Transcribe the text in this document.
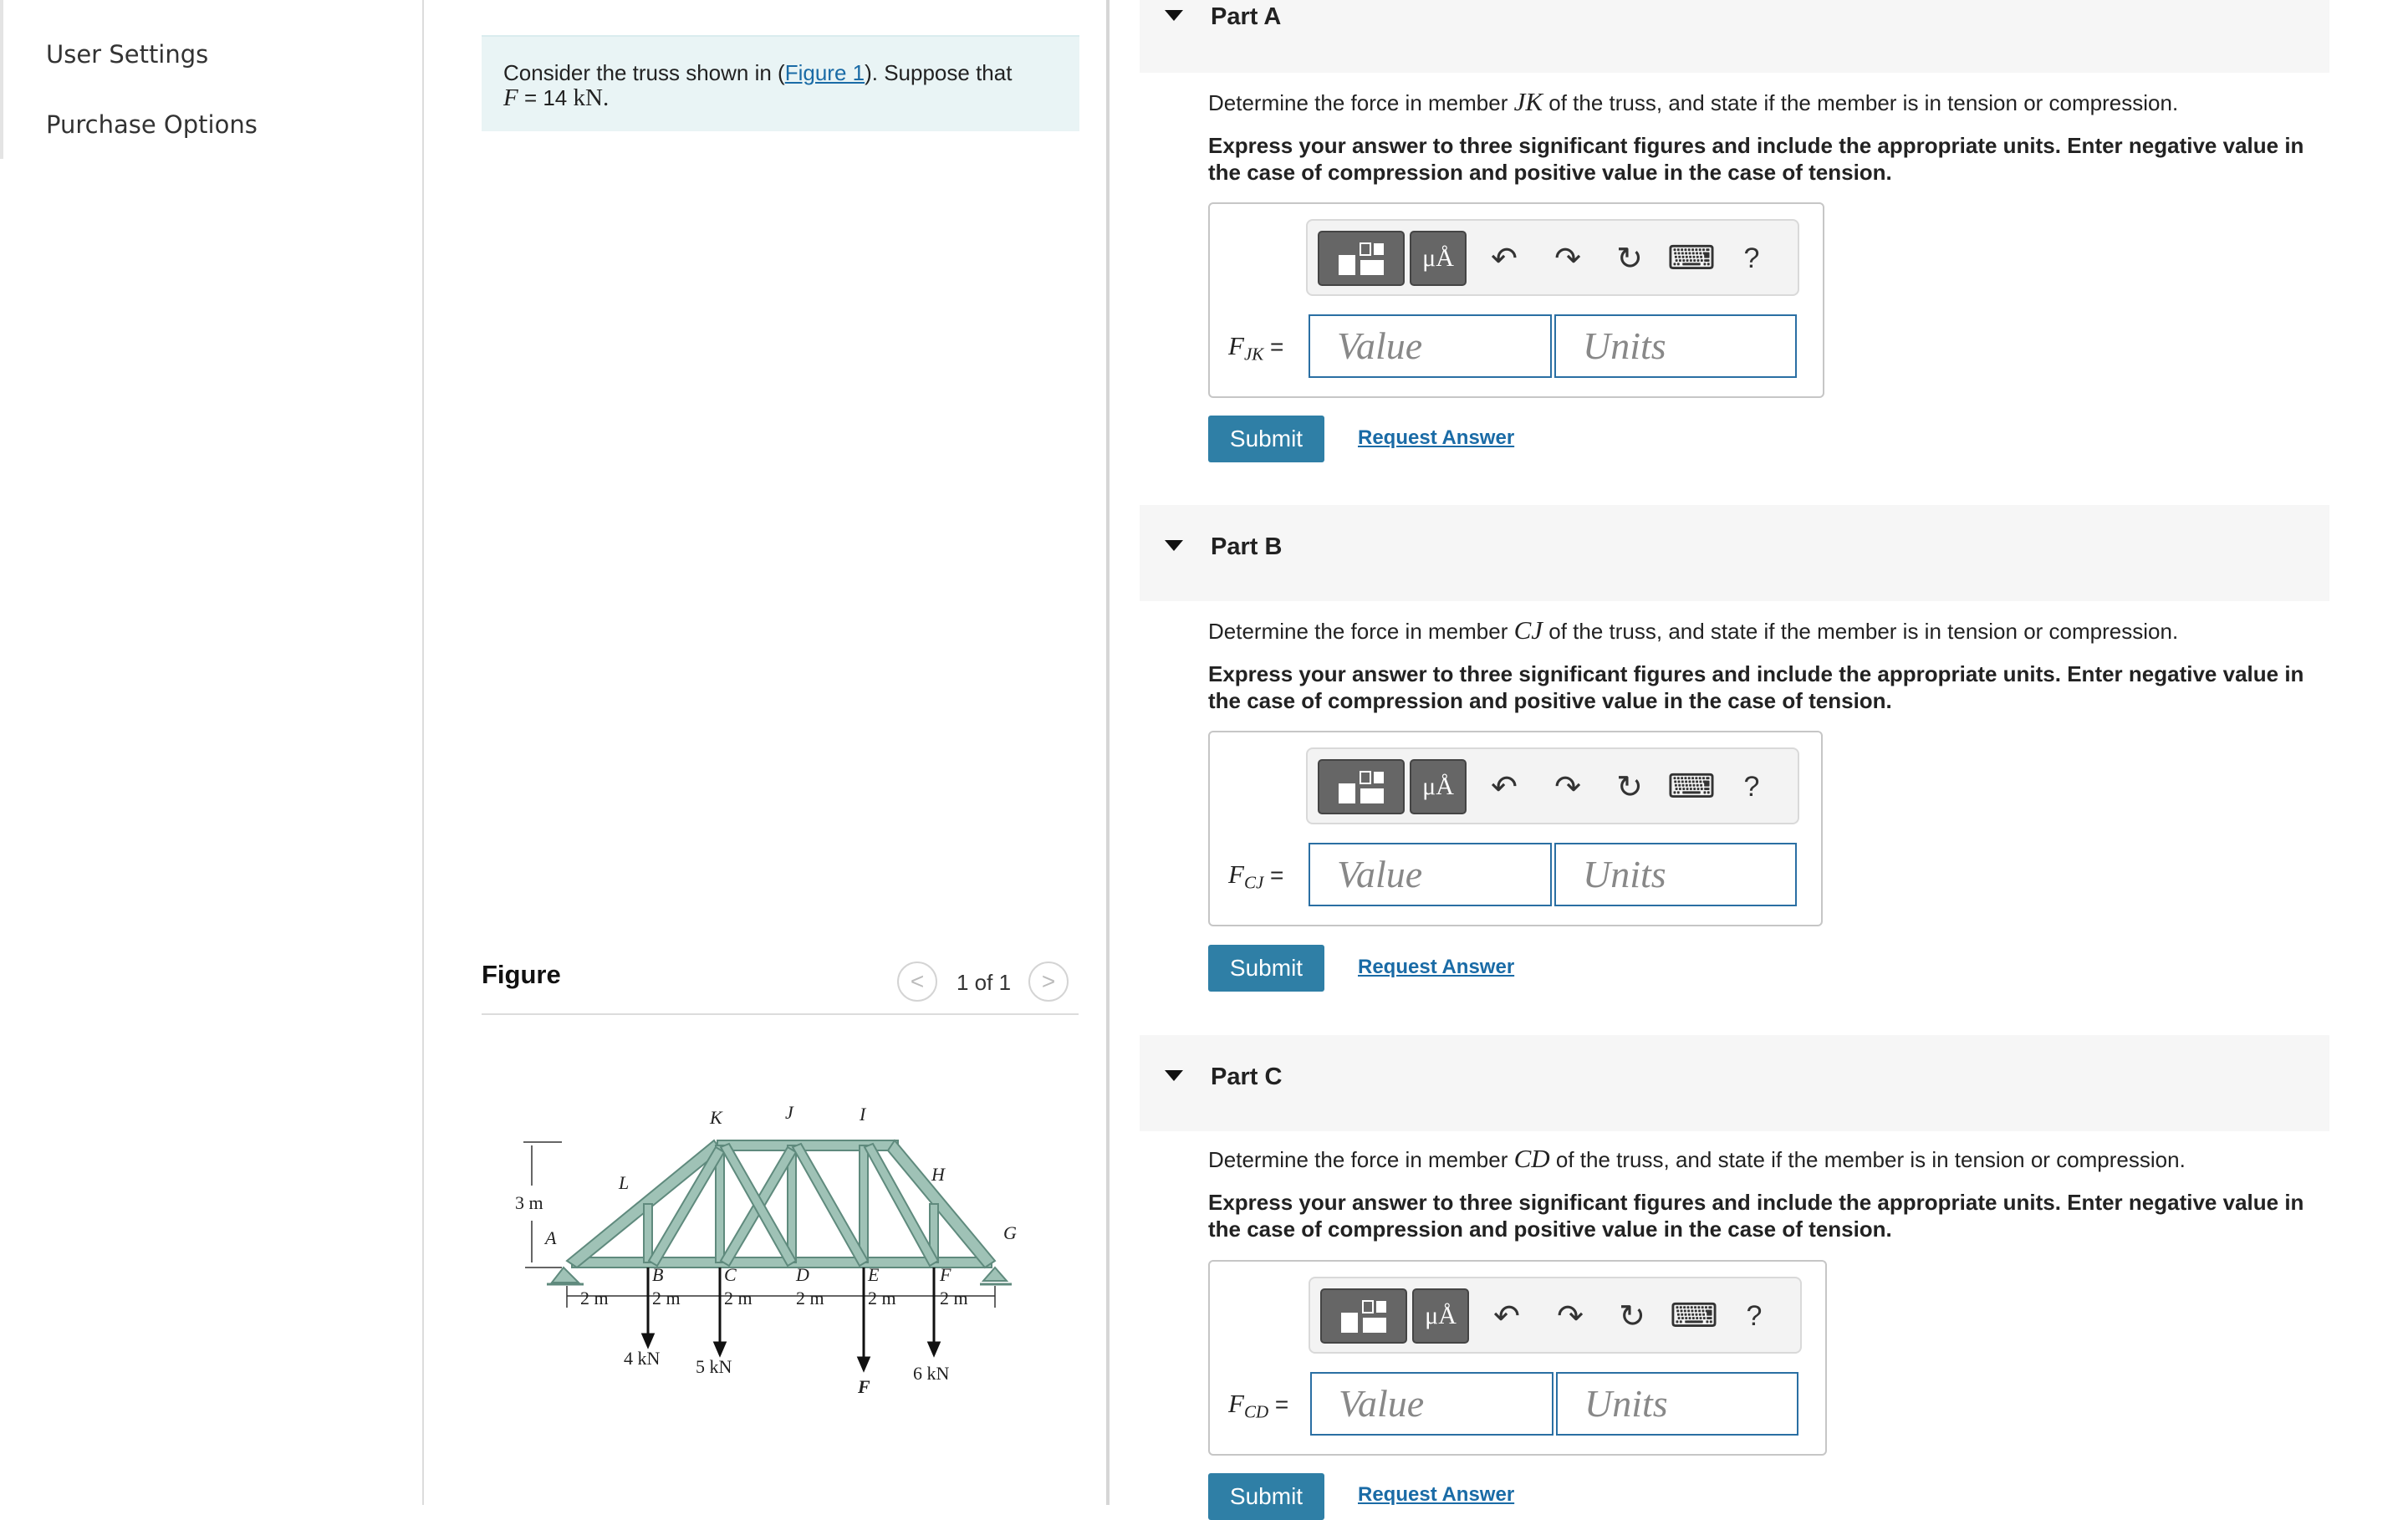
User Settings
Purchase Options
Consider the truss shown in (Figure 1). Suppose that
F = 14 kN.
Figure	< 1 of 1 >
K	J	I
H
L
A
B	C	D	E	F
G
3 m
2 m 2 m 2 m 2 m 2 m 2 m
4 kN 5 kN
F
6 kN
Part A
Determine the force in member JK of the truss, and state if the member is in tension or compression.
Express your answer to three significant figures and include the appropriate units. Enter negative value in the case of compression and positive value in the case of tension.
μÅ ↶ ↷ ↻ ⌨ ?
$F_{JK}$ =	Value	Units
Submit	Request Answer
Part B
Determine the force in member CJ of the truss, and state if the member is in tension or compression.
Express your answer to three significant figures and include the appropriate units. Enter negative value in the case of compression and positive value in the case of tension.
μÅ ↶ ↷ ↻ ⌨ ?
$F_{CJ}$ =	Value	Units
Submit	Request Answer
Part C
Determine the force in member CD of the truss, and state if the member is in tension or compression.
Express your answer to three significant figures and include the appropriate units. Enter negative value in the case of compression and positive value in the case of tension.
μÅ ↶ ↷ ↻ ⌨ ?
$F_{CD}$ =	Value	Units
Submit	Request Answer
